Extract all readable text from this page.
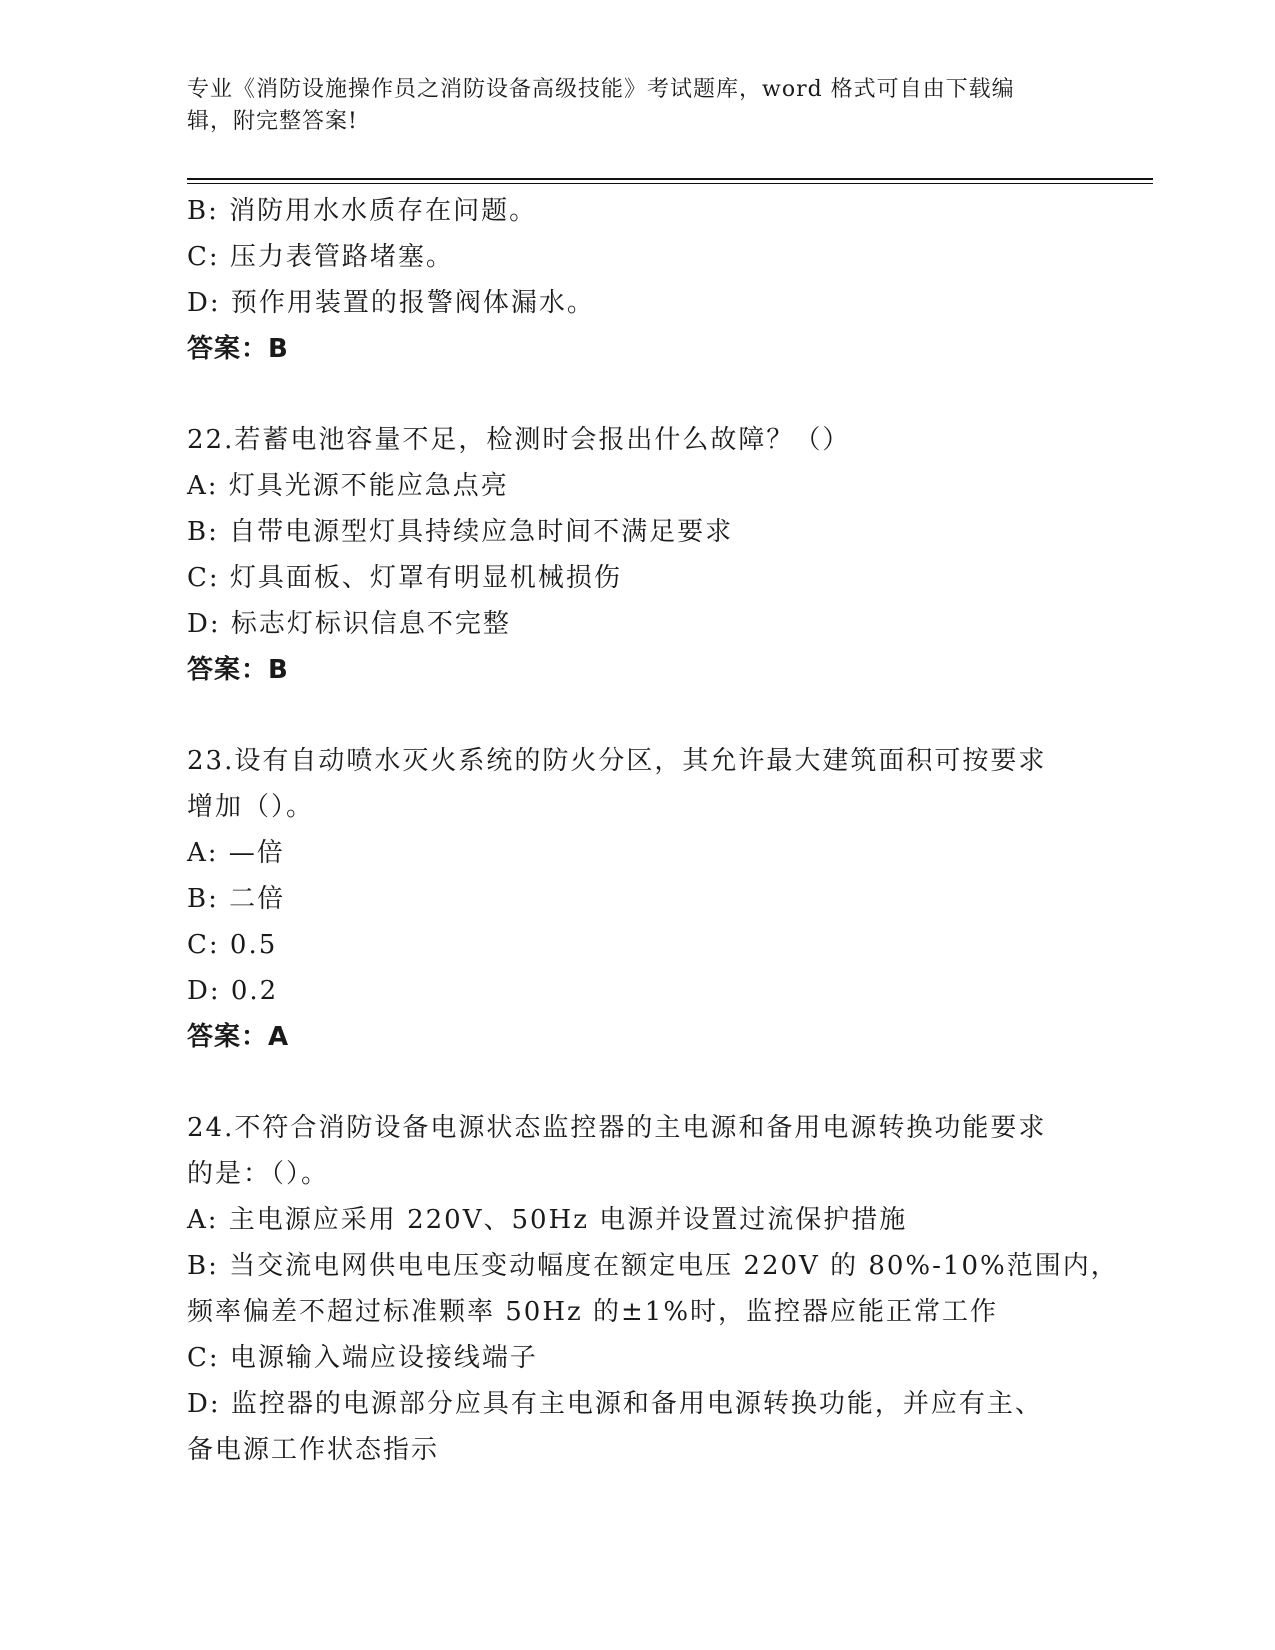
专业《消防设施操作员之消防设备高级技能》考试题库，word 格式可自由下载编
辑，附完整答案!
B: 消防用水水质存在问题。
C: 压力表管路堵塞。
D: 预作用装置的报警阀体漏水。
答案：B
22.若蓄电池容量不足，检测时会报出什么故障？（）
A: 灯具光源不能应急点亮
B: 自带电源型灯具持续应急时间不满足要求
C: 灯具面板、灯罩有明显机械损伤
D: 标志灯标识信息不完整
答案：B
23.设有自动喷水灭火系统的防火分区，其允许最大建筑面积可按要求
增加（）。
A: —倍
B: 二倍
C: 0.5
D: 0.2
答案：A
24.不符合消防设备电源状态监控器的主电源和备用电源转换功能要求
的是：（）。
A: 主电源应采用 220V、50Hz 电源并设置过流保护措施
B: 当交流电网供电电压变动幅度在额定电压 220V 的 80%-10%范围内，
频率偏差不超过标准颗率 50Hz 的±1%时，监控器应能正常工作
C: 电源输入端应设接线端子
D: 监控器的电源部分应具有主电源和备用电源转换功能，并应有主、
备电源工作状态指示
